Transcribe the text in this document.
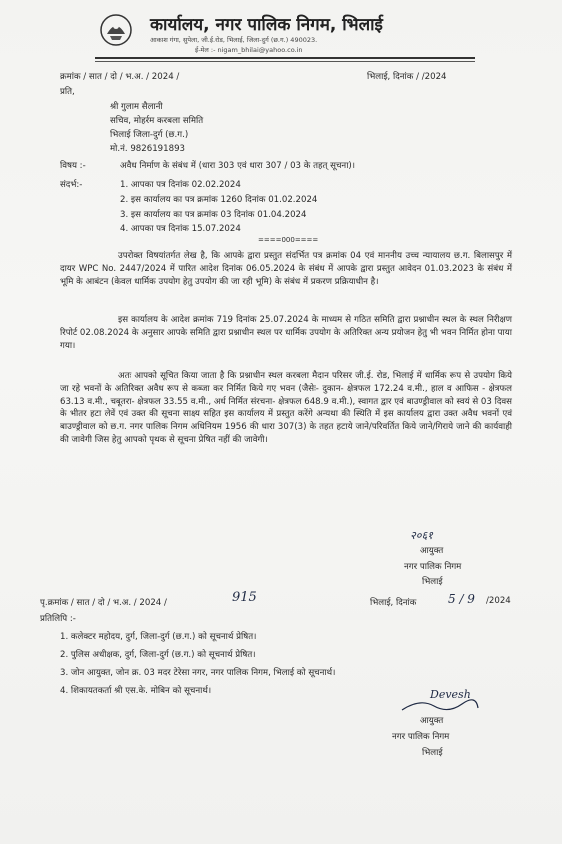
कार्यालय, नगर पालिक निगम, भिलाई
आकाश गंगा, सुपेला, जी.ई.रोड, भिलाई, जिला-दुर्ग (छ.ग.) 490023.
ई-मेल :- nigam_bhilai@yahoo.co.in
क्रमांक / सात / दो / भ.अ. / 2024 /	भिलाई, दिनांक / /2024
प्रति,
श्री गुलाम सैलानी
सचिव, मोहर्रम करबला समिति
भिलाई जिला-दुर्ग (छ.ग.)
मो.नं. 9826191893
विषय :-	अवैध निर्माण के संबंध में (धारा 303 एवं धारा 307 / 03 के तहत् सूचना)।
संदर्भ:-	1. आपका पत्र दिनांक 02.02.2024
2. इस कार्यालय का पत्र क्रमांक 1260 दिनांक 01.02.2024
3. इस कार्यालय का पत्र क्रमांक 03 दिनांक 01.04.2024
4. आपका पत्र दिनांक 15.07.2024
====000====

उपरोक्त विषयांतर्गत लेख है, कि आपके द्वारा प्रस्तुत संदर्भित पत्र क्रमांक 04 एवं माननीय उच्च न्यायालय छ.ग. बिलासपुर में दायर WPC No. 2447/2024 में पारित आदेश दिनांक 06.05.2024 के संबंध में आपके द्वारा प्रस्तुत आवेदन 01.03.2023 के संबंध में भूमि के आबंटन (केवल धार्मिक उपयोग हेतु उपयोग की जा रही भूमि) के संबंध में प्रकरण प्रक्रियाधीन है।

इस कार्यालय के आदेश क्रमांक 719 दिनांक 25.07.2024 के माध्यम से गठित समिति द्वारा प्रश्नाधीन स्थल के स्थल निरीक्षण रिपोर्ट 02.08.2024 के अनुसार आपके समिति द्वारा प्रश्नाधीन स्थल पर धार्मिक उपयोग के अतिरिक्त अन्य प्रयोजन हेतु भी भवन निर्मित होना पाया गया।

अतः आपको सूचित किया जाता है कि प्रश्नाधीन स्थल करबला मैदान परिसर जी.ई. रोड, भिलाई में धार्मिक रूप से उपयोग किये जा रहे भवनों के अतिरिक्त अवैध रूप से कब्जा कर निर्मित किये गए भवन (जैसेः- दुकान- क्षेत्रफल 172.24 व.मी., हाल व आफिस - क्षेत्रफल 63.13 व.मी., चबूतरा- क्षेत्रफल 33.55 व.मी., अर्ध निर्मित संरचना- क्षेत्रफल 648.9 व.मी.), स्वागत द्वार एवं बाउण्ड्रीवाल को स्वयं से 03 दिवस के भीतर हटा लेवें एवं उक्त की सूचना साक्ष्य सहित इस कार्यालय में प्रस्तुत करेंगे अन्यथा की स्थिति में इस कार्यालय द्वारा उक्त अवैध भवनों एवं बाउण्ड्रीवाल को छ.ग. नगर पालिक निगम अधिनियम 1956 की धारा 307(3) के तहत हटाये जाने/परिवर्तित किये जाने/गिराये जाने की कार्यवाही की जावेगी जिस हेतु आपको पृथक से सूचना प्रेषित नहीं की जावेगी।

२०६१
आयुक्त
नगर पालिक निगम
भिलाई
पृ.क्रमांक / सात / दो / भ.अ. / 2024 /	915	भिलाई, दिनांक	5 / 9 /2024
प्रतिलिपि :-
1. कलेक्टर महोदय, दुर्ग, जिला-दुर्ग (छ.ग.) को सूचनार्थ प्रेषित।
2. पुलिस अधीक्षक, दुर्ग, जिला-दुर्ग (छ.ग.) को सूचनार्थ प्रेषित।
3. जोन आयुक्त, जोन क्र. 03 मदर टेरेसा नगर, नगर पालिक निगम, भिलाई को सूचनार्थ।
4. शिकायतकर्ता श्री एस.के. मोबिन को सूचनार्थ।	Devesh
आयुक्त
नगर पालिक निगम
भिलाई
